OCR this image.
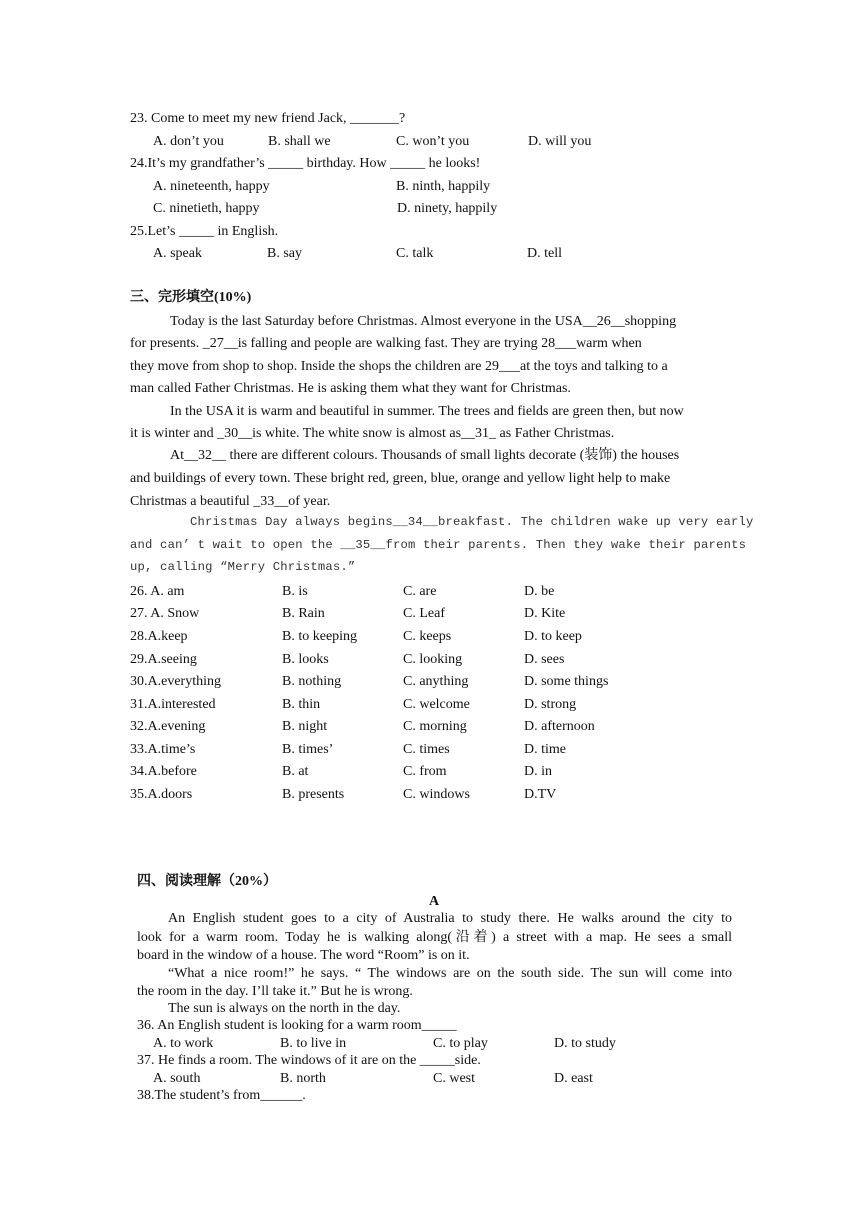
23. Come to meet my new friend Jack, _______?
A. don’t you	B. shall we	C. won’t you	D. will you
24.It’s my grandfather’s _____ birthday. How _____ he looks!
A. nineteenth, happy	B. ninth, happily
C. ninetieth, happy	D. ninety, happily
25.Let’s _____ in English.
A. speak	B. say	C. talk	D. tell
三、完形填空(10%)
Today is the last Saturday before Christmas. Almost everyone in the USA__26__shopping
for presents. _27__is falling and people are walking fast. They are trying 28___warm when
they move from shop to shop. Inside the shops the children are 29___at the toys and talking to a
man called Father Christmas. He is asking them what they want for Christmas.
In the USA it is warm and beautiful in summer. The trees and fields are green then, but now
it is winter and _30__is white. The white snow is almost as__31_ as Father Christmas.
At__32__ there are different colours. Thousands of small lights decorate (装饰) the houses
and buildings of every town. These bright red, green, blue, orange and yellow light help to make
Christmas a beautiful _33__of year.
Christmas Day always begins__34__breakfast. The children wake up very early
and can’ t wait to open the __35__from their parents. Then they wake their parents
up, calling “Merry Christmas.”
26. A. am	B. is	C. are	D. be
27. A. Snow	B. Rain	C. Leaf	D. Kite
28.A.keep	B. to keeping	C. keeps	D. to keep
29.A.seeing	B. looks	C. looking	D. sees
30.A.everything	B. nothing	C. anything	D. some things
31.A.interested	B. thin	C. welcome	D. strong
32.A.evening	B. night	C. morning	D. afternoon
33.A.time’s	B. times’	C. times	D. time
34.A.before	B. at	C. from	D. in
35.A.doors	B. presents	C. windows	D.TV
四、阅读理解（20%）
A
An English student goes to a city of Australia to study there. He walks around the city to
look for a warm room. Today he is walking along(沿着) a street with a map. He sees a small
board in the window of a house. The word “Room” is on it.
“What a nice room!” he says. “ The windows are on the south side. The sun will come into
the room in the day. I’ll take it.” But he is wrong.
The sun is always on the north in the day.
36. An English student is looking for a warm room_____
A. to work	B. to live in	C. to play	D. to study
37. He finds a room. The windows of it are on the _____side.
A. south	B. north	C. west	D. east
38.The student’s from______.
